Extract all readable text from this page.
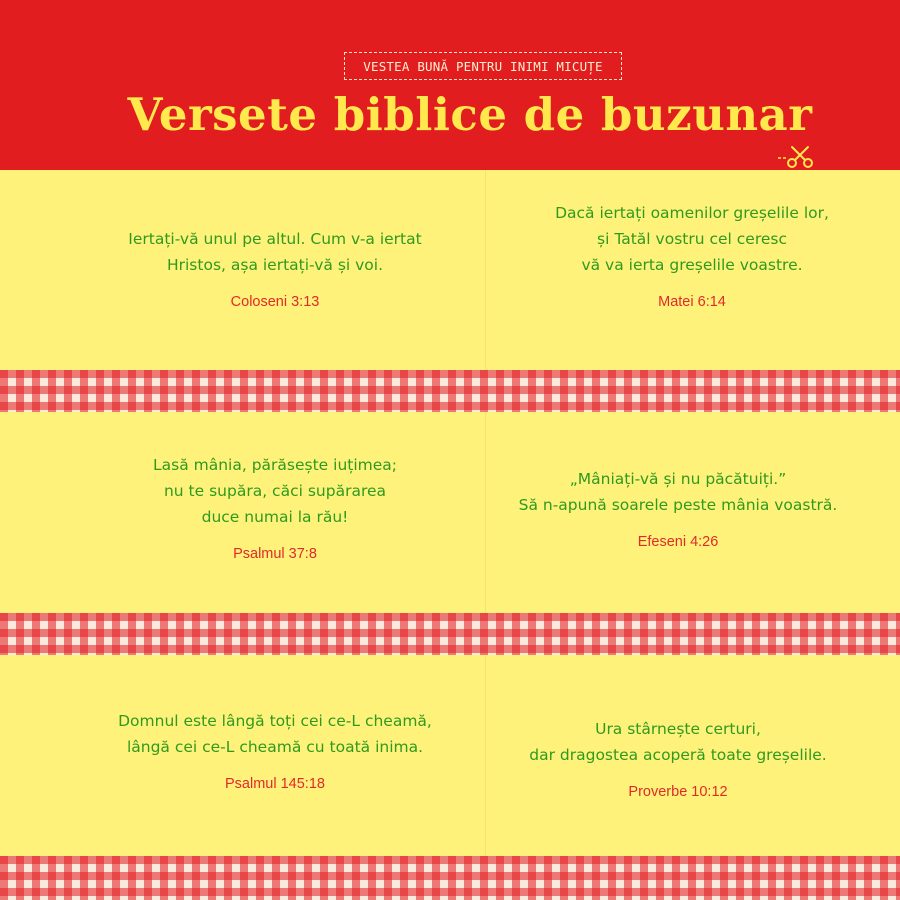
VESTEA BUNĂ PENTRU INIMI MICUȚE
Versete biblice de buzunar

Iertați-vă unul pe altul. Cum v-a iertat
Hristos, așa iertați-vă și voi.

Coloseni 3:13

Dacă iertați oamenilor greșelile lor,
și Tatăl vostru cel ceresc
vă va ierta greșelile voastre.

Matei 6:14

Lasă mânia, părăsește iuțimea;
nu te supăra, căci supărarea
duce numai la rău!

Psalmul 37:8

„Mâniați-vă și nu păcătuiți.”
Să n-apună soarele peste mânia voastră.

Efeseni 4:26

Domnul este lângă toți cei ce-L cheamă,
lângă cei ce-L cheamă cu toată inima.

Psalmul 145:18

Ura stârnește certuri,
dar dragostea acoperă toate greșelile.

Proverbe 10:12
